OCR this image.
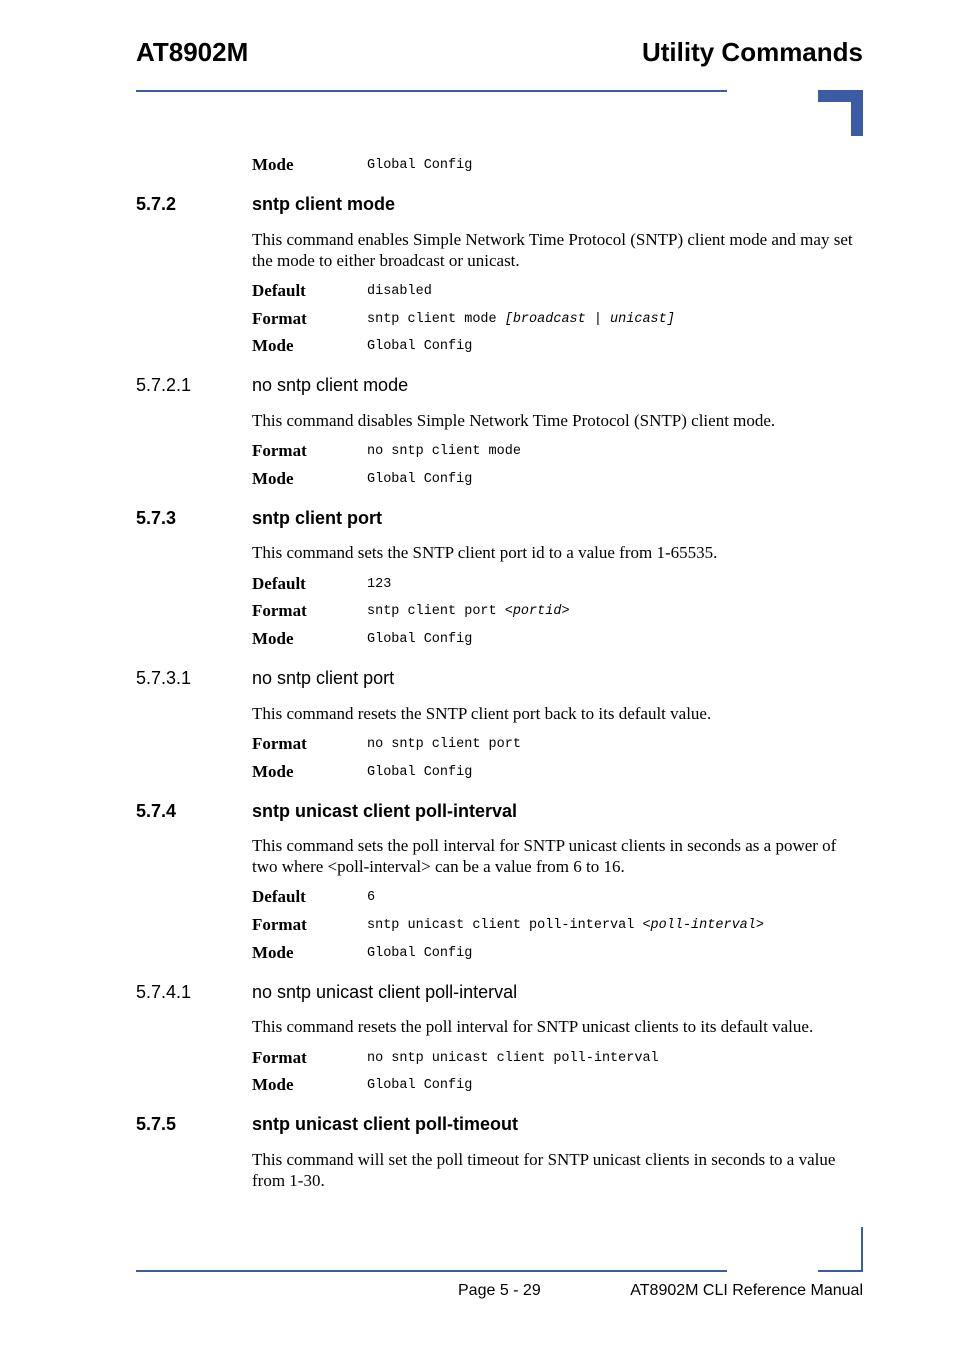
AT8902M	Utility Commands
Mode	Global Config
5.7.2	sntp client mode
This command enables Simple Network Time Protocol (SNTP) client mode and may set the mode to either broadcast or unicast.
Default	disabled
Format	sntp client mode [broadcast | unicast]
Mode	Global Config
5.7.2.1	no sntp client mode
This command disables Simple Network Time Protocol (SNTP) client mode.
Format	no sntp client mode
Mode	Global Config
5.7.3	sntp client port
This command sets the SNTP client port id to a value from 1-65535.
Default	123
Format	sntp client port <portid>
Mode	Global Config
5.7.3.1	no sntp client port
This command resets the SNTP client port back to its default value.
Format	no sntp client port
Mode	Global Config
5.7.4	sntp unicast client poll-interval
This command sets the poll interval for SNTP unicast clients in seconds as a power of two where <poll-interval> can be a value from 6 to 16.
Default	6
Format	sntp unicast client poll-interval <poll-interval>
Mode	Global Config
5.7.4.1	no sntp unicast client poll-interval
This command resets the poll interval for SNTP unicast clients to its default value.
Format	no sntp unicast client poll-interval
Mode	Global Config
5.7.5	sntp unicast client poll-timeout
This command will set the poll timeout for SNTP unicast clients in seconds to a value from 1-30.
Page 5 - 29	AT8902M CLI Reference Manual
